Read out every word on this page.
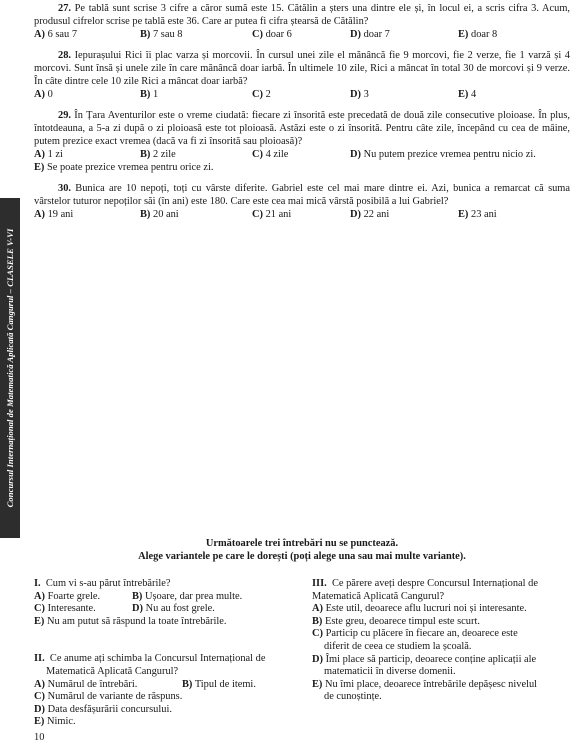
Concursul Internațional de Matematică Aplicată Cangurul – CLASELE V-VI

27. Pe tablă sunt scrise 3 cifre a căror sumă este 15. Cătălin a șters una dintre ele și, în locul ei, a scris cifra 3. Acum, produsul cifrelor scrise pe tablă este 36. Care ar putea fi cifra ștearsă de Cătălin?

A) 6 sau 7	B) 7 sau 8	C) doar 6	D) doar 7	E) doar 8

28. Iepurașului Rici îi plac varza și morcovii. În cursul unei zile el mănâncă fie 9 morcovi, fie 2 verze, fie 1 varză și 4 morcovi. Sunt însă și unele zile în care mănâncă doar iarbă. În ultimele 10 zile, Rici a mâncat în total 30 de morcovi și 9 verze. În câte dintre cele 10 zile Rici a mâncat doar iarbă?

A) 0	B) 1	C) 2	D) 3	E) 4

29. În Țara Aventurilor este o vreme ciudată: fiecare zi însorită este precedată de două zile consecutive ploioase. În plus, întotdeauna, a 5-a zi după o zi ploioasă este tot ploioasă. Astăzi este o zi însorită. Pentru câte zile, începând cu cea de mâine, putem prezice exact vremea (dacă va fi zi însorită sau ploioasă)?

A) 1 zi	B) 2 zile	C) 4 zile	D) Nu putem prezice vremea pentru nicio zi.

E) Se poate prezice vremea pentru orice zi.

30. Bunica are 10 nepoți, toți cu vârste diferite. Gabriel este cel mai mare dintre ei. Azi, bunica a remarcat că suma vârstelor tuturor nepoților săi (în ani) este 180. Care este cea mai mică vârstă posibilă a lui Gabriel?

A) 19 ani	B) 20 ani	C) 21 ani	D) 22 ani	E) 23 ani
Următoarele trei întrebări nu se punctează.
Alege variantele pe care le dorești (poți alege una sau mai multe variante).

I. Cum vi s-au părut întrebările?

A) Foarte grele.	B) Ușoare, dar prea multe.

C) Interesante.	D) Nu au fost grele.

E) Nu am putut să răspund la toate întrebările.

II. Ce anume ați schimba la Concursul Internațional de

Matematică Aplicată Cangurul?

A) Numărul de întrebări.	B) Tipul de itemi.

C) Numărul de variante de răspuns.

D) Data desfășurării concursului.

E) Nimic.

III. Ce părere aveți despre Concursul Internațional de

Matematică Aplicată Cangurul?

A) Este util, deoarece aflu lucruri noi și interesante.

B) Este greu, deoarece timpul este scurt.

C) Particip cu plăcere în fiecare an, deoarece este

diferit de ceea ce studiem la școală.

D) Îmi place să particip, deoarece conține aplicații ale

matematicii în diverse domenii.

E) Nu îmi place, deoarece întrebările depășesc nivelul

de cunoștințe.

10
